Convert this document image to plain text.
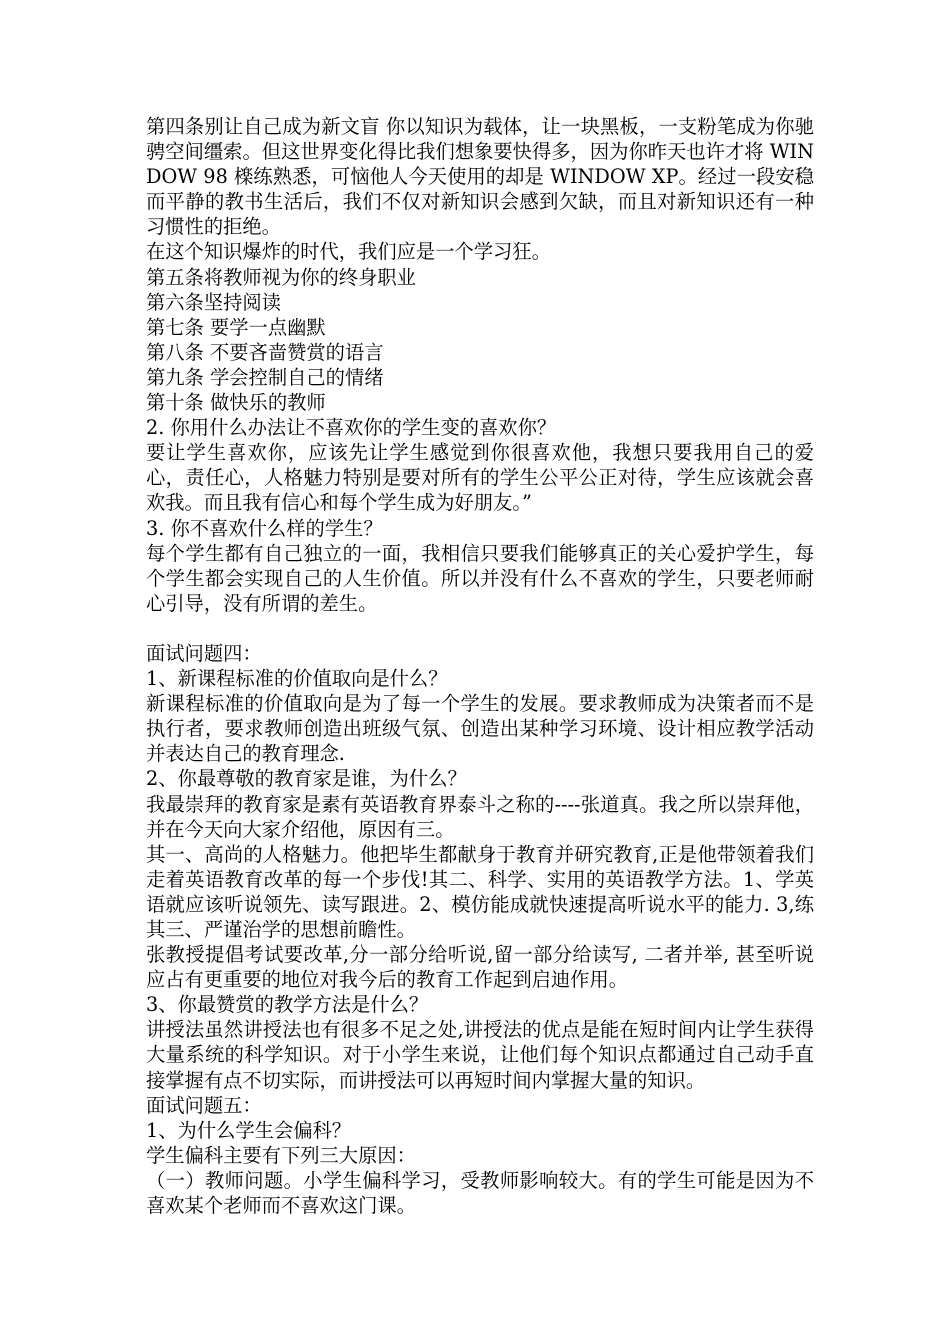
第四条别让自己成为新文盲 你以知识为载体，让一块黑板，一支粉笔成为你驰骋空间缰索。但这世界变化得比我们想象要快得多，因为你昨天也许才将 WINDOW 98 檪练熟悉，可恼他人今天使用的却是 WINDOW XP。经过一段安稳而平静的教书生活后，我们不仅对新知识会感到欠缺，而且对新知识还有一种习惯性的拒绝。

在这个知识爆炸的时代，我们应是一个学习狂。

第五条将教师视为你的终身职业

第六条坚持阅读

第七条 要学一点幽默

第八条 不要吝啬赞赏的语言

第九条 学会控制自己的情绪

第十条 做快乐的教师

2. 你用什么办法让不喜欢你的学生变的喜欢你？

要让学生喜欢你，应该先让学生感觉到你很喜欢他，我想只要我用自己的爱心，责任心，人格魅力特别是要对所有的学生公平公正对待，学生应该就会喜欢我。而且我有信心和每个学生成为好朋友。”

3. 你不喜欢什么样的学生？

每个学生都有自己独立的一面，我相信只要我们能够真正的关心爱护学生，每个学生都会实现自己的人生价值。所以并没有什么不喜欢的学生，只要老师耐心引导，没有所谓的差生。

面试问题四：

1、新课程标准的价值取向是什么？

新课程标准的价值取向是为了每一个学生的发展。要求教师成为决策者而不是执行者，要求教师创造出班级气氛、创造出某种学习环境、设计相应教学活动并表达自己的教育理念.

2、你最尊敬的教育家是谁，为什么？

我最崇拜的教育家是素有英语教育界泰斗之称的----张道真。我之所以崇拜他，并在今天向大家介绍他，原因有三。

其一、高尚的人格魅力。他把毕生都献身于教育并研究教育,正是他带领着我们走着英语教育改革的每一个步伐!其二、科学、实用的英语教学方法。1、学英语就应该听说领先、读写跟进。2、模仿能成就快速提高听说水平的能力. 3,练 其三、严谨治学的思想前瞻性。

张教授提倡考试要改革,分一部分给听说,留一部分给读写, 二者并举, 甚至听说应占有更重要的地位对我今后的教育工作起到启迪作用。

3、你最赞赏的教学方法是什么？

讲授法虽然讲授法也有很多不足之处,讲授法的优点是能在短时间内让学生获得大量系统的科学知识。对于小学生来说，让他们每个知识点都通过自己动手直接掌握有点不切实际，而讲授法可以再短时间内掌握大量的知识。

面试问题五：

1、为什么学生会偏科？

学生偏科主要有下列三大原因：

（一）教师问题。小学生偏科学习，受教师影响较大。有的学生可能是因为不喜欢某个老师而不喜欢这门课。
